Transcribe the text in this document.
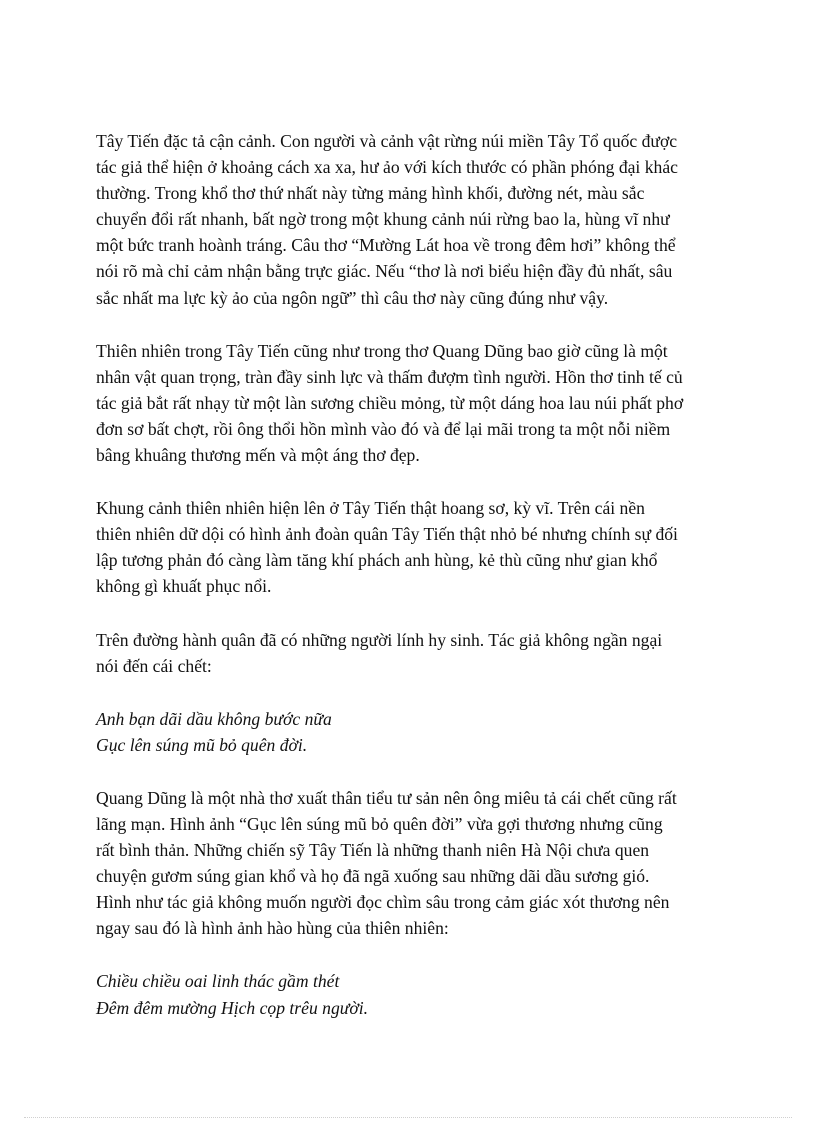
Tây Tiến đặc tả cận cảnh. Con người và cảnh vật rừng núi miền Tây Tổ quốc được
tác giả thể hiện ở khoảng cách xa xa, hư ảo với kích thước có phần phóng đại khác
thường. Trong khổ thơ thứ nhất này từng mảng hình khối, đường nét, màu sắc
chuyển đổi rất nhanh, bất ngờ trong một khung cảnh núi rừng bao la, hùng vĩ như
một bức tranh hoành tráng. Câu thơ “Mường Lát hoa về trong đêm hơi” không thể
nói rõ mà chỉ cảm nhận bằng trực giác. Nếu “thơ là nơi biểu hiện đầy đủ nhất, sâu
sắc nhất ma lực kỳ ảo của ngôn ngữ” thì câu thơ này cũng đúng như vậy.
Thiên nhiên trong Tây Tiến cũng như trong thơ Quang Dũng bao giờ cũng là một
nhân vật quan trọng, tràn đầy sinh lực và thấm đượm tình người. Hồn thơ tinh tế củ
tác giả bắt rất nhạy từ một làn sương chiều mỏng, từ một dáng hoa lau núi phất phơ
đơn sơ bất chợt, rồi ông thổi hồn mình vào đó và để lại mãi trong ta một nỗi niềm
bâng khuâng thương mến và một áng thơ đẹp.
Khung cảnh thiên nhiên hiện lên ở Tây Tiến thật hoang sơ, kỳ vĩ. Trên cái nền
thiên nhiên dữ dội có hình ảnh đoàn quân Tây Tiến thật nhỏ bé nhưng chính sự đối
lập tương phản đó càng làm tăng khí phách anh hùng, kẻ thù cũng như gian khổ
không gì khuất phục nổi.
Trên đường hành quân đã có những người lính hy sinh. Tác giả không ngần ngại
nói đến cái chết:
Anh bạn dãi dầu không bước nữa
Gục lên súng mũ bỏ quên đời.
Quang Dũng là một nhà thơ xuất thân tiểu tư sản nên ông miêu tả cái chết cũng rất
lãng mạn. Hình ảnh “Gục lên súng mũ bỏ quên đời” vừa gợi thương nhưng cũng
rất bình thản. Những chiến sỹ Tây Tiến là những thanh niên Hà Nội chưa quen
chuyện gươm súng gian khổ và họ đã ngã xuống sau những dãi dầu sương gió.
Hình như tác giả không muốn người đọc chìm sâu trong cảm giác xót thương nên
ngay sau đó là hình ảnh hào hùng của thiên nhiên:
Chiều chiều oai linh thác gầm thét
Đêm đêm mường Hịch cọp trêu người.
